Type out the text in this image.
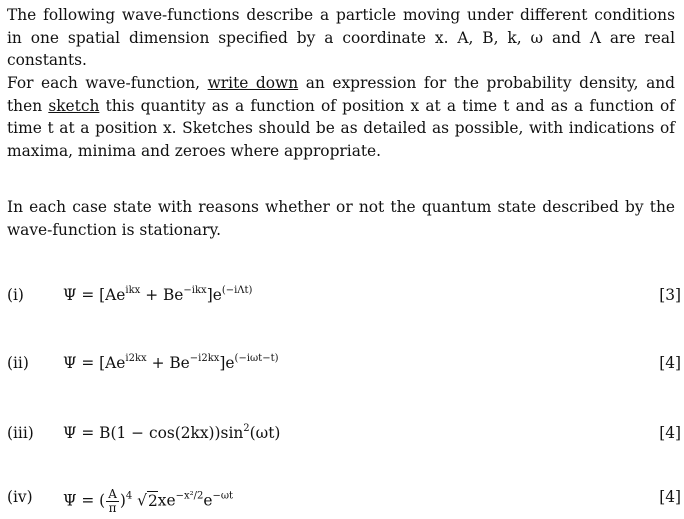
The following wave-functions describe a particle moving under different conditions in one spatial dimension specified by a coordinate x. A, B, k, ω and Λ are real constants.
For each wave-function, write down an expression for the probability density, and then sketch this quantity as a function of position x at a time t and as a function of time t at a position x. Sketches should be as detailed as possible, with indications of maxima, minima and zeroes where appropriate.
In each case state with reasons whether or not the quantum state described by the wave-function is stationary.
(i)	$\Psi = [Ae^{ikx} + Be^{-ikx}]e^{(-i\Lambda t)}$	[3]
(ii) $\Psi = [Ae^{i2kx} + Be^{-i2kx}]e^{(-i\omega t-t)}$	[4]
(iii) $\Psi = B(1 - \cos(2kx))\sin^2(\omega t)$	[4]
(iv) Ψ = ( $\frac{A}{\pi} )^4$ $√2xe^{-x^2/2}e^{-\omega t}$	[4]
